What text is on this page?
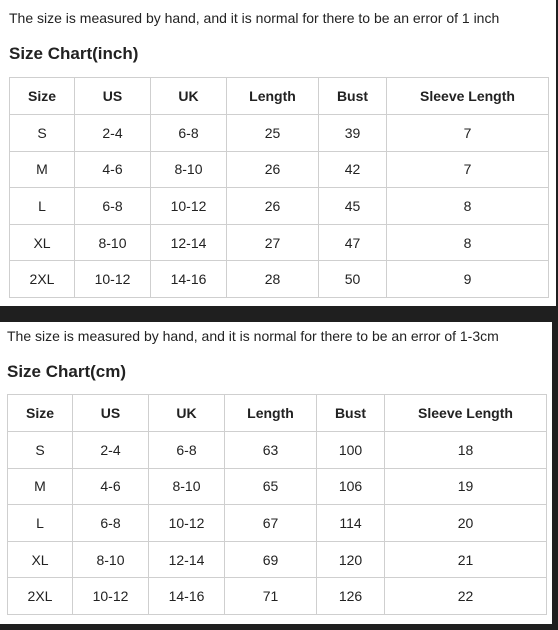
The size is measured by hand, and it is normal for there to be an error of 1 inch
Size Chart(inch)
Size	US	UK	Length	Bust	Sleeve Length
S	2-4	6-8	25	39	7
M	4-6	8-10	26	42	7
L	6-8	10-12	26	45	8
XL	8-10	12-14	27	47	8
2XL	10-12	14-16	28	50	9
The size is measured by hand, and it is normal for there to be an error of 1-3cm
Size Chart(cm)
Size	US	UK	Length	Bust	Sleeve Length
S	2-4	6-8	63	100	18
M	4-6	8-10	65	106	19
L	6-8	10-12	67	114	20
XL	8-10	12-14	69	120	21
2XL	10-12	14-16	71	126	22
